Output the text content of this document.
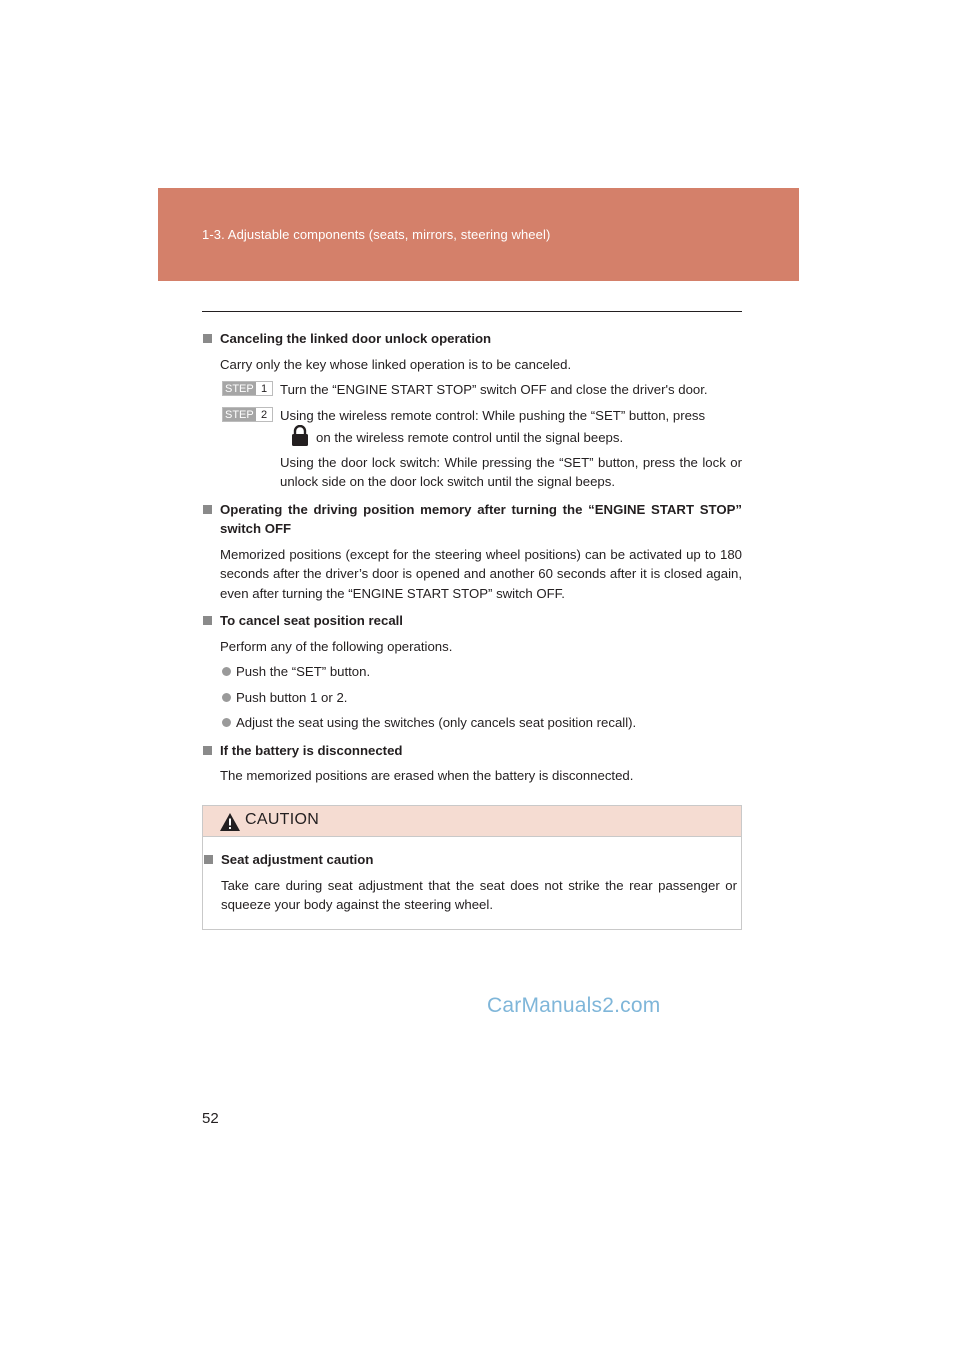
1-3. Adjustable components (seats, mirrors, steering wheel)
Canceling the linked door unlock operation
Carry only the key whose linked operation is to be canceled.
STEP 1 Turn the “ENGINE START STOP” switch OFF and close the driver's door.
STEP 2 Using the wireless remote control: While pushing the “SET” button, press
on the wireless remote control until the signal beeps.
Using the door lock switch: While pressing the “SET” button, press the lock or unlock side on the door lock switch until the signal beeps.
Operating the driving position memory after turning the “ENGINE START STOP” switch OFF
Memorized positions (except for the steering wheel positions) can be activated up to 180 seconds after the driver’s door is opened and another 60 seconds after it is closed again, even after turning the “ENGINE START STOP” switch OFF.
To cancel seat position recall
Perform any of the following operations.
Push the “SET” button.
Push button 1 or 2.
Adjust the seat using the switches (only cancels seat position recall).
If the battery is disconnected
The memorized positions are erased when the battery is disconnected.
CAUTION
Seat adjustment caution
Take care during seat adjustment that the seat does not strike the rear passenger or squeeze your body against the steering wheel.
CarManuals2.com
52
